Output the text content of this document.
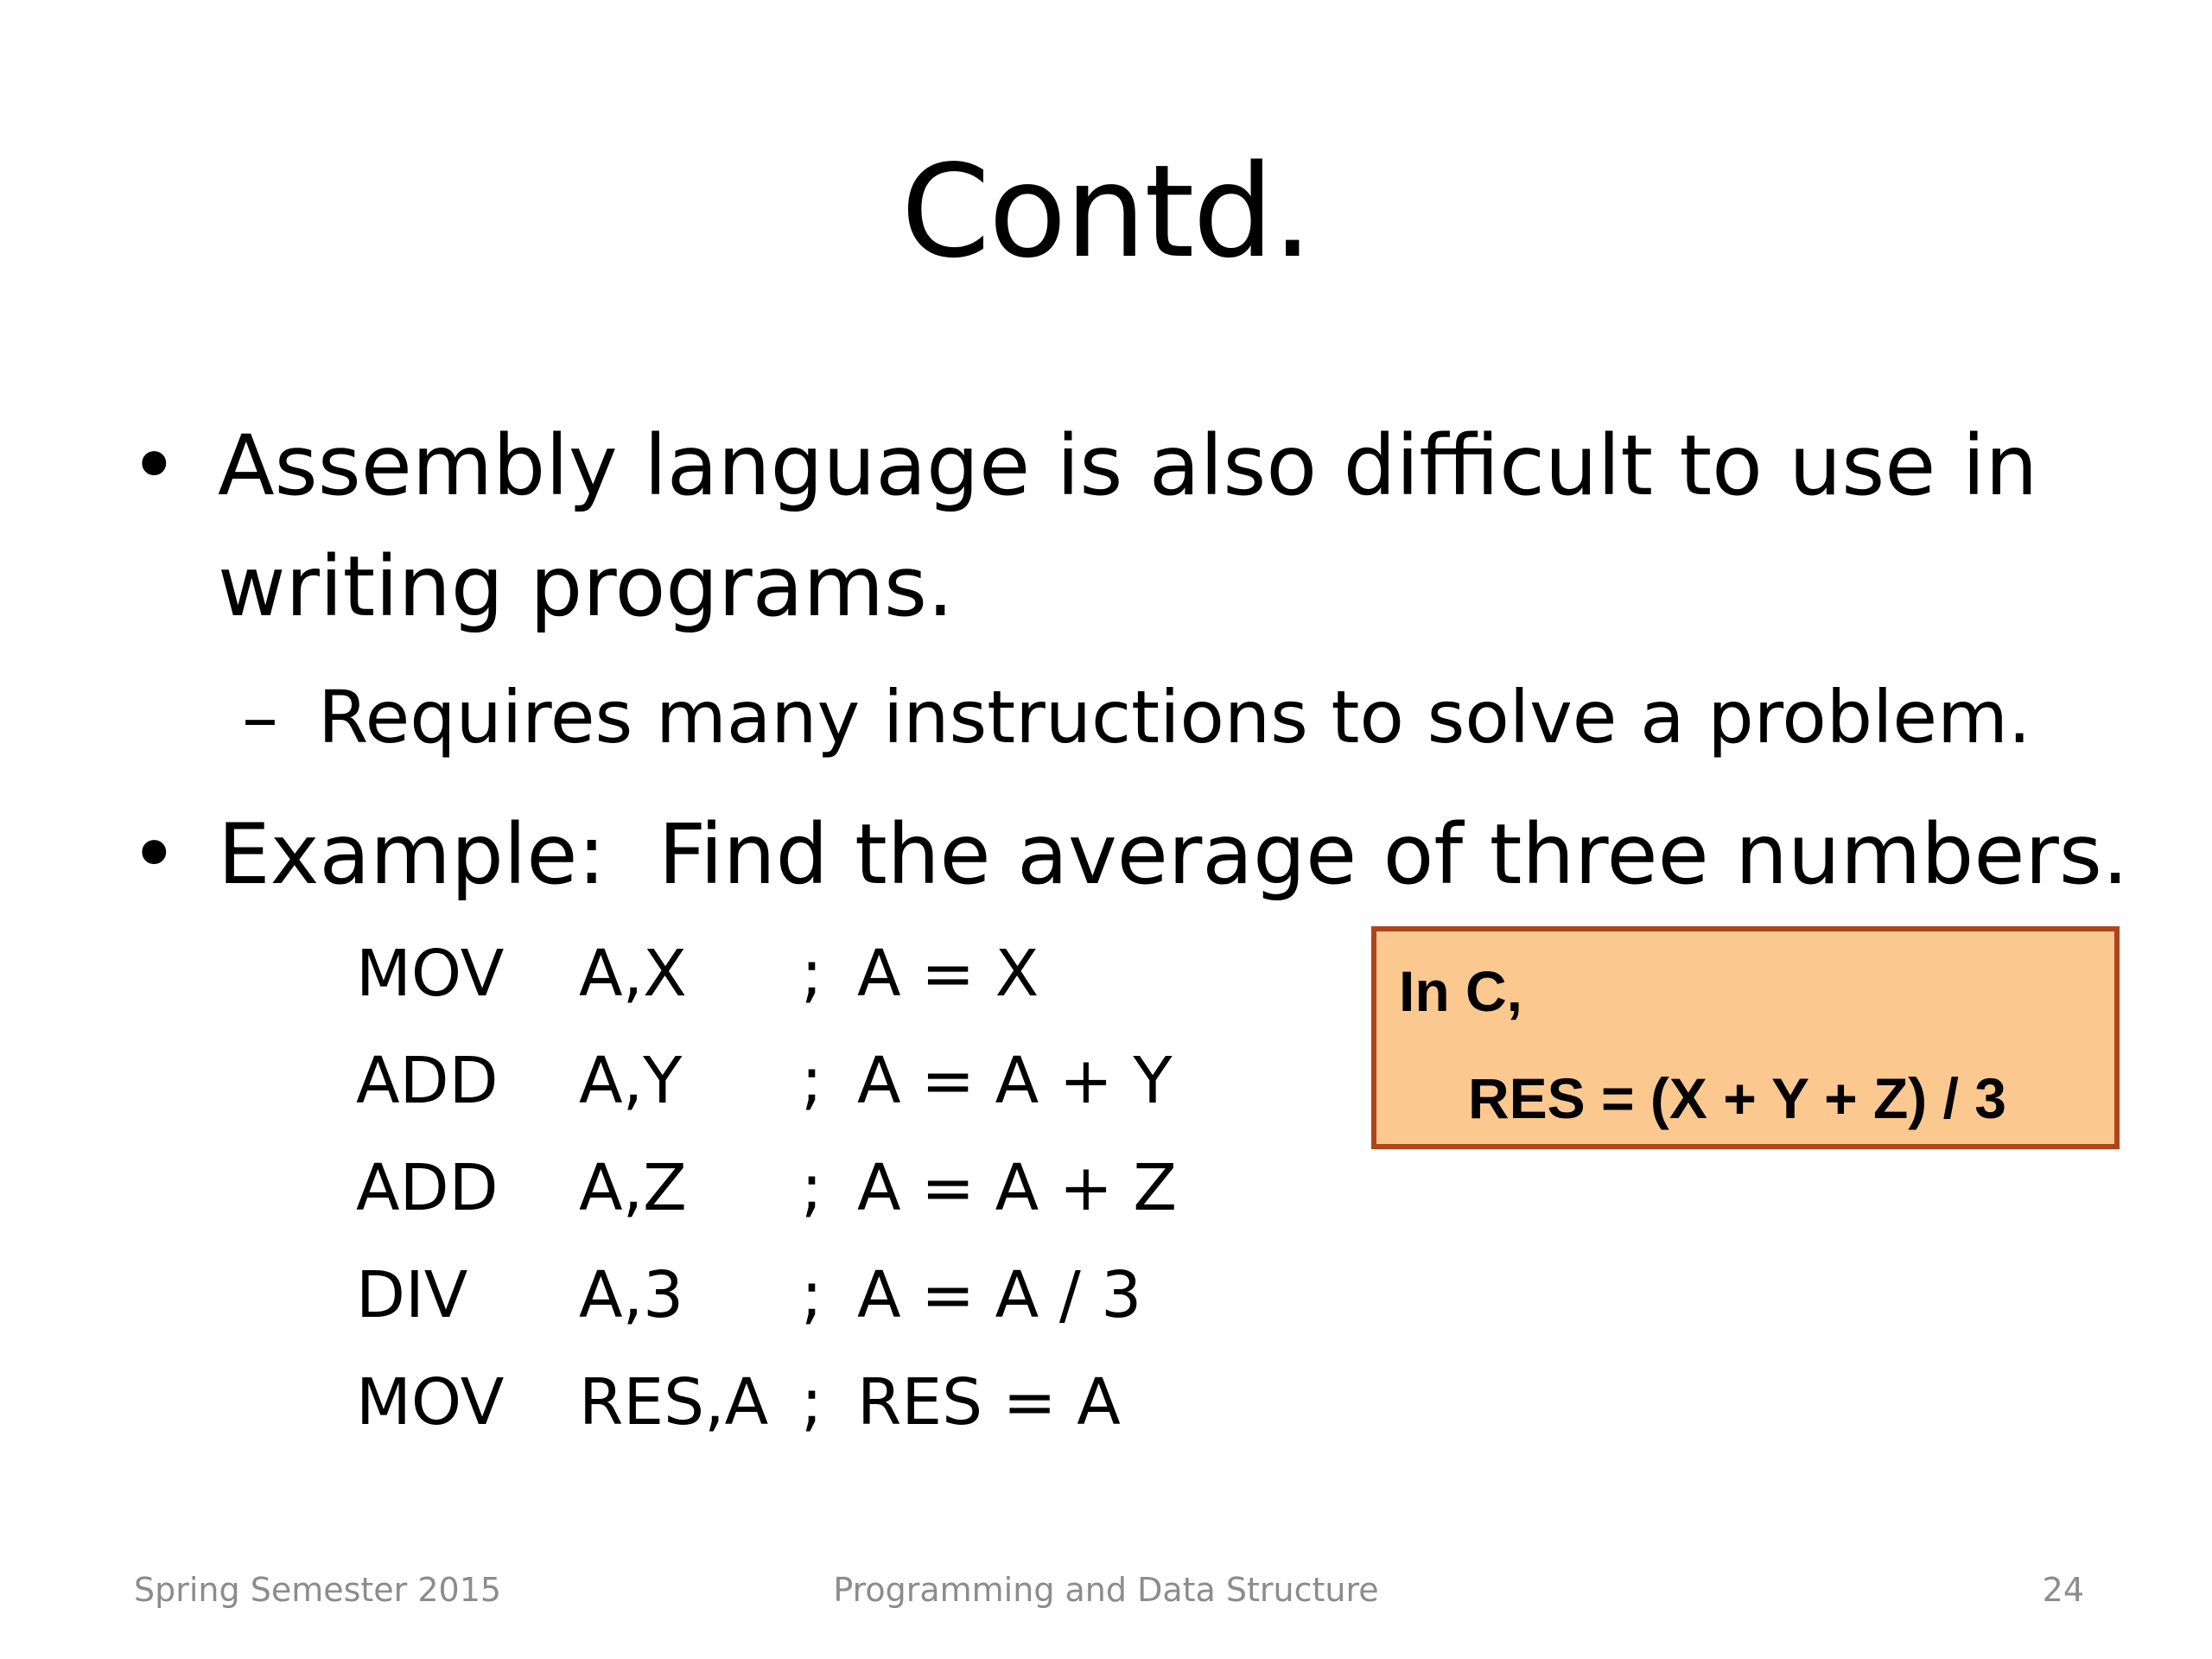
Contd.
• Assembly language is also difficult to use in
writing programs.
– Requires many instructions to solve a problem.
• Example:  Find the average of three numbers.
MOV A,X ; A = X
ADD A,Y ; A = A + Y
ADD A,Z ; A = A + Z
DIV A,3 ; A = A / 3
MOV RES,A ; RES = A
In C,
RES = (X + Y + Z) / 3
Spring Semester 2015	Programming and Data Structure	24
